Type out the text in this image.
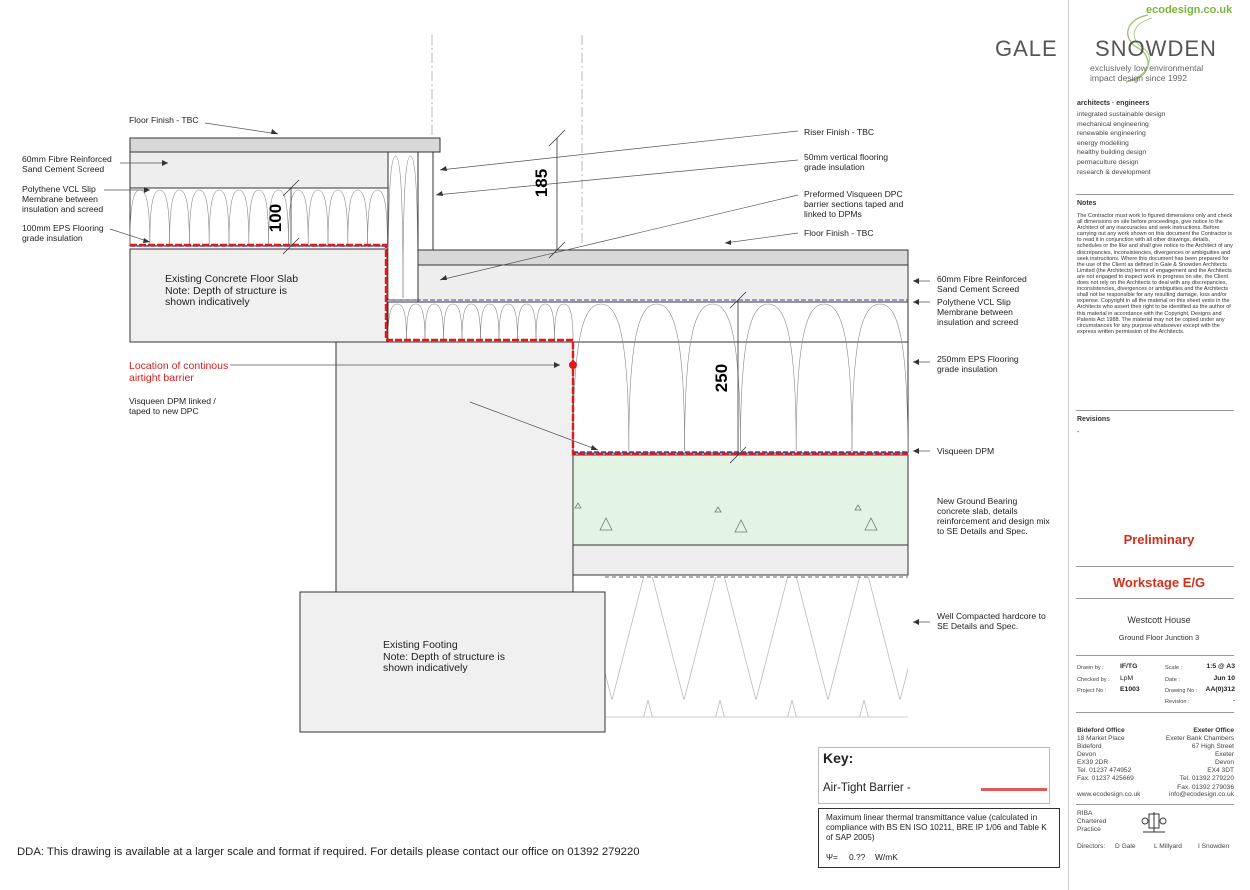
100
185
250
Floor Finish - TBC
60mm Fibre Reinforced
Sand Cement Screed
Polythene VCL Slip
Membrane between
insulation and screed
100mm EPS Flooring
grade insulation
Riser Finish - TBC
50mm vertical flooring
grade insulation
Preformed Visqueen DPC
barrier sections taped and
linked to DPMs
Floor Finish - TBC
Existing Concrete Floor Slab
Note: Depth of structure is
shown indicatively
60mm Fibre Reinforced
Sand Cement Screed
Polythene VCL Slip
Membrane between
insulation and screed
Location of continous
airtight barrier
250mm EPS Flooring
grade insulation
Visqueen DPM linked /
taped to new DPC
Visqueen DPM
New Ground Bearing
concrete slab, details
reinforcement and design mix
to SE Details and Spec.
Well Compacted hardcore to
SE Details and Spec.
Existing Footing
Note: Depth of structure is
shown indicatively
Key:
Air-Tight Barrier -
Maximum linear thermal transmittance value (calculated in compliance with BS EN ISO 10211, BRE IP 1/06 and Table K of SAP 2005)
Ψ= 0.?? W/mK
DDA: This drawing is available at a larger scale and format if required. For details please contact our office on 01392 279220
ecodesign.co.uk
GALE SNOWDEN
exclusively low environmental
impact design since 1992
architects · engineers
integrated sustainable design
mechanical engineering
renewable engineering
energy modelling
healthy building design
permaculture design
research & development
Notes
The Contractor must work to figured dimensions only and check all dimensions on site before proceedings, give notice to the Architect of any inaccuracies and seek instructions. Before carrying out any work shown on this document the Contractor is to read it in conjunction with all other drawings, details, schedules or the like and shall give notice to the Architect of any discrepancies, inconsistencies, divergences or ambiguities and seek instructions. Where this document has been prepared for the use of the Client as defined in Gale & Snowden Architects Limited (the Architects) terms of engagement and the Architects are not engaged to inspect work in progress on site, the Client does not rely on the Architects to deal with any discrepancies, inconsistencies, divergences or ambiguities and the Architects shall not be responsible for any resulting damage, loss and/or expense. Copyright in all the material on this sheet vests in the Architects who assert their right to be identified as the author of this material in accordance with the Copyright, Designs and Patents Act 1988. The material may not be copied under any circumstances for any purpose whatsoever except with the express written permission of the Architects.
Revisions
-
Preliminary
Workstage E/G
Westcott House
Ground Floor Junction 3
Drawn by : IF/TG	Scale :	1:5 @ A3
Checked by : LpM	Date :	Jun 10
Project No : E1003	Drawing No :	AA(0)312
Revision :	-
Bideford Office
18 Market Place
Bideford
Devon
EX39 2DR
Tel. 01237 474952
Fax. 01237 425669
www.ecodesign.co.uk
Exeter Office
Exeter Bank Chambers
67 High Street
Exeter
Devon
EX4 3DT
Tel. 01392 279220
Fax. 01392 279036
info@ecodesign.co.uk
RIBA
Chartered
Practice
Directors: D Gale	L Millyard I Snowden
